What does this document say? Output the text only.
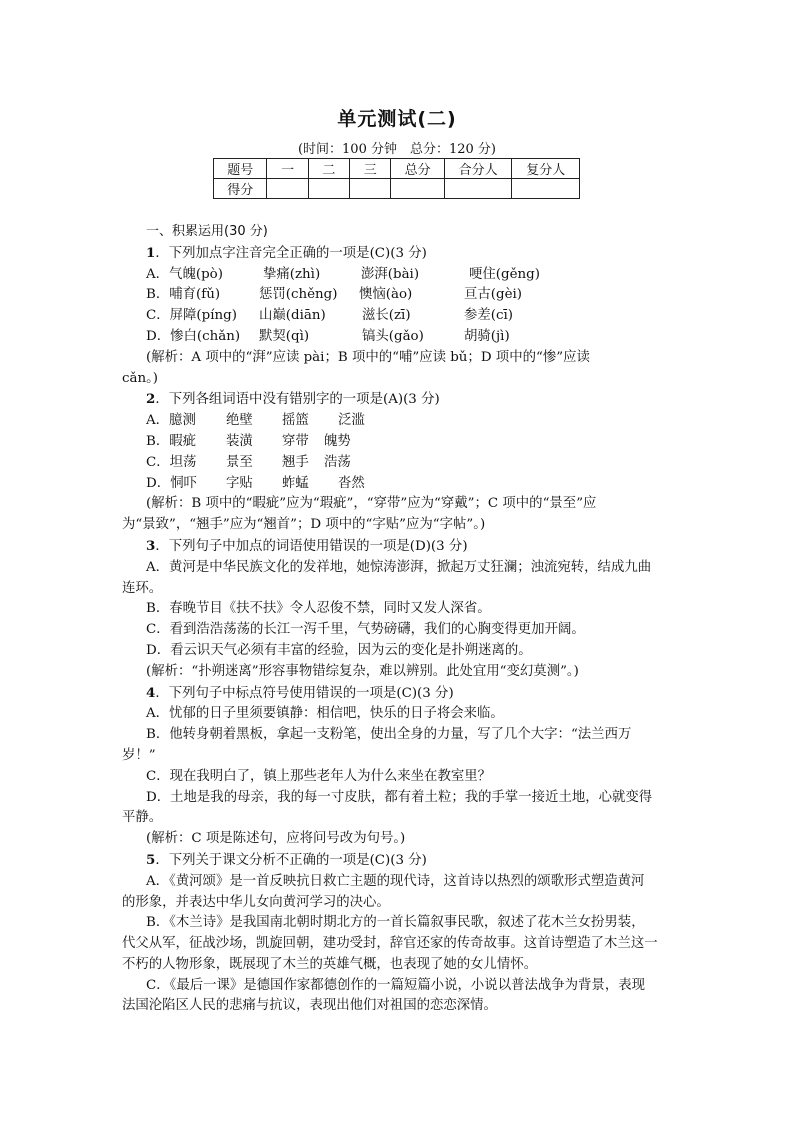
单元测试(二)
(时间：100 分钟　总分：120 分)
题号	一	二	三	总分	合分人	复分人
得分						

一、积累运用(30 分)

1．下列加点字注音完全正确的一项是(C)(3 分)

A．气魄(pò)	挚痛(zhì)	澎湃(bài)	哽住(gěng)

B．哺育(fǔ)	惩罚(chěng) 懊恼(ào)	亘古(gèi)

C．屏障(píng) 山巅(diān)	滋长(zī)	参差(cī)

D．惨白(chǎn) 默契(qì)	镐头(gǎo)	胡骑(jì)

(解析：A 项中的“湃”应读 pài；B 项中的“哺”应读 bǔ；D 项中的“惨”应读

cǎn。)

2．下列各组词语中没有错别字的一项是(A)(3 分)

A．臆测 绝壁 摇篮 泛滥

B．暇疵 装潢 穿带 魄势

C．坦荡 景至 翘手 浩荡

D．恫吓 字贴 蚱蜢 沓然

(解析：B 项中的“暇疵”应为“瑕疵”，“穿带”应为“穿戴”；C 项中的“景至”应

为“景致”，“翘手”应为“翘首”；D 项中的“字贴”应为“字帖”。)

3．下列句子中加点的词语使用错误的一项是(D)(3 分)

A．黄河是中华民族文化的发祥地，她惊涛澎湃，掀起万丈狂澜；浊流宛转，结成九曲

连环。

B．春晚节目《扶不扶》令人忍俊不禁，同时又发人深省。

C．看到浩浩荡荡的长江一泻千里，气势磅礴，我们的心胸变得更加开阔。

D．看云识天气必须有丰富的经验，因为云的变化是扑朔迷离的。

(解析：“扑朔迷离”形容事物错综复杂，难以辨别。此处宜用“变幻莫测”。)

4．下列句子中标点符号使用错误的一项是(C)(3 分)

A．忧郁的日子里须要镇静：相信吧，快乐的日子将会来临。

B．他转身朝着黑板，拿起一支粉笔，使出全身的力量，写了几个大字：“法兰西万

岁！”

C．现在我明白了，镇上那些老年人为什么来坐在教室里？

D．土地是我的母亲，我的每一寸皮肤，都有着土粒；我的手掌一接近土地，心就变得

平静。

(解析：C 项是陈述句，应将问号改为句号。)

5．下列关于课文分析不正确的一项是(C)(3 分)

A．《黄河颂》是一首反映抗日救亡主题的现代诗，这首诗以热烈的颂歌形式塑造黄河

的形象，并表达中华儿女向黄河学习的决心。

B．《木兰诗》是我国南北朝时期北方的一首长篇叙事民歌，叙述了花木兰女扮男装，

代父从军，征战沙场，凯旋回朝，建功受封，辞官还家的传奇故事。这首诗塑造了木兰这一

不朽的人物形象，既展现了木兰的英雄气概，也表现了她的女儿情怀。

C．《最后一课》是德国作家都德创作的一篇短篇小说，小说以普法战争为背景，表现

法国沦陷区人民的悲痛与抗议，表现出他们对祖国的恋恋深情。
